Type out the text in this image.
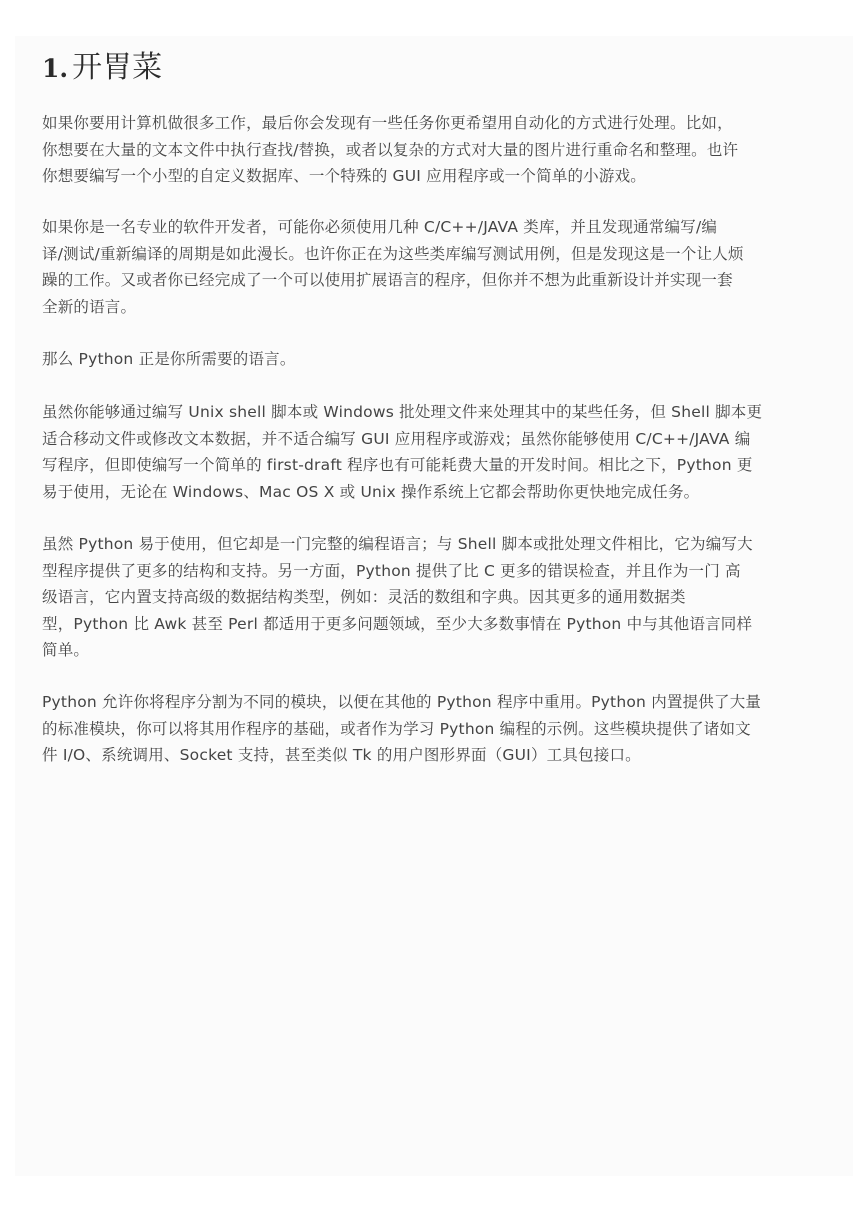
1. 开胃菜

如果你要用计算机做很多工作，最后你会发现有一些任务你更希望用自动化的方式进行处理。比如，
你想要在大量的文本文件中执行查找/替换，或者以复杂的方式对大量的图片进行重命名和整理。也许
你想要编写一个小型的自定义数据库、一个特殊的 GUI 应用程序或一个简单的小游戏。

如果你是一名专业的软件开发者，可能你必须使用几种 C/C++/JAVA 类库，并且发现通常编写/编
译/测试/重新编译的周期是如此漫长。也许你正在为这些类库编写测试用例，但是发现这是一个让人烦
躁的工作。又或者你已经完成了一个可以使用扩展语言的程序，但你并不想为此重新设计并实现一套
全新的语言。

那么 Python 正是你所需要的语言。

虽然你能够通过编写 Unix shell 脚本或 Windows 批处理文件来处理其中的某些任务，但 Shell 脚本更
适合移动文件或修改文本数据，并不适合编写 GUI 应用程序或游戏；虽然你能够使用 C/C++/JAVA 编
写程序，但即使编写一个简单的 first-draft 程序也有可能耗费大量的开发时间。相比之下，Python 更
易于使用，无论在 Windows、Mac OS X 或 Unix 操作系统上它都会帮助你更快地完成任务。

虽然 Python 易于使用，但它却是一门完整的编程语言；与 Shell 脚本或批处理文件相比，它为编写大
型程序提供了更多的结构和支持。另一方面，Python 提供了比 C 更多的错误检查，并且作为一门 高
级语言，它内置支持高级的数据结构类型，例如：灵活的数组和字典。因其更多的通用数据类
型，Python 比 Awk 甚至 Perl 都适用于更多问题领域，至少大多数事情在 Python 中与其他语言同样
简单。

Python 允许你将程序分割为不同的模块，以便在其他的 Python 程序中重用。Python 内置提供了大量
的标准模块，你可以将其用作程序的基础，或者作为学习 Python 编程的示例。这些模块提供了诸如文
件 I/O、系统调用、Socket 支持，甚至类似 Tk 的用户图形界面（GUI）工具包接口。
